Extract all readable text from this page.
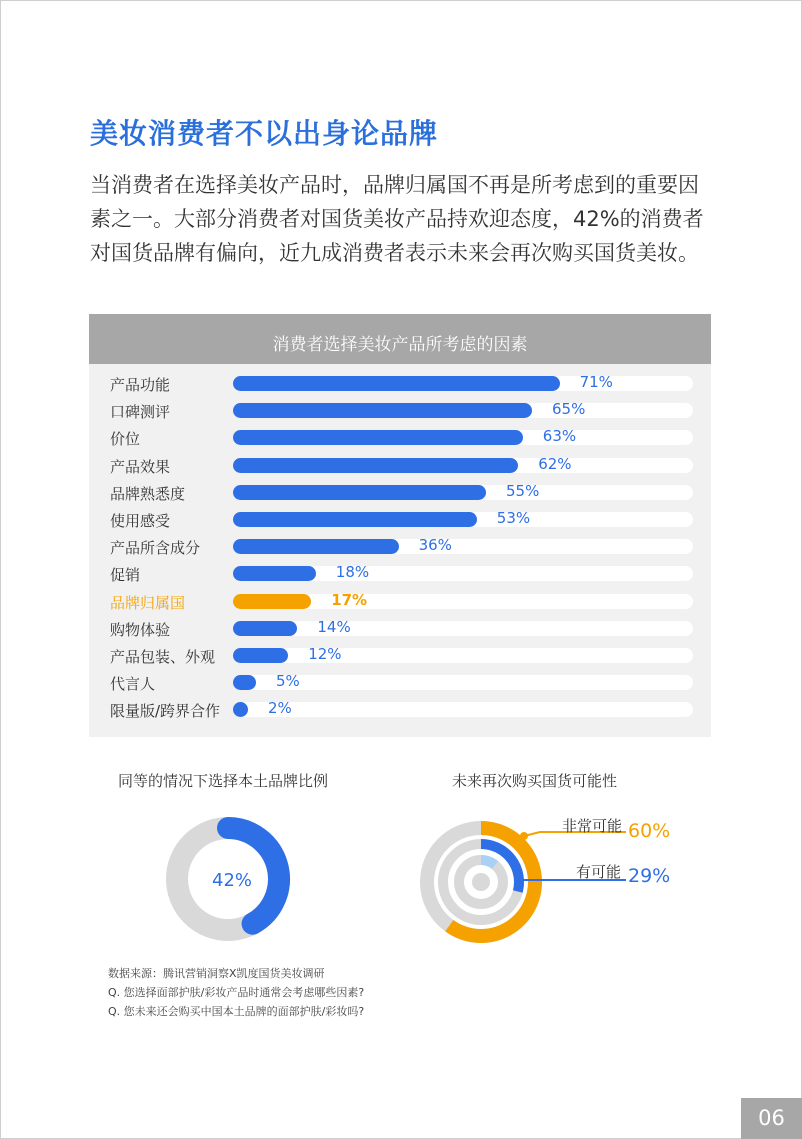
美妆消费者不以出身论品牌

当消费者在选择美妆产品时，品牌归属国不再是所考虑到的重要因素之一。大部分消费者对国货美妆产品持欢迎态度，42%的消费者对国货品牌有偏向，近九成消费者表示未来会再次购买国货美妆。

消费者选择美妆产品所考虑的因素
产品功能	71%
口碑测评	65%
价位	63%
产品效果	62%
品牌熟悉度	55%
使用感受	53%
产品所含成分	36%
促销	18%
品牌归属国	17%
购物体验	14%
产品包装、外观	12%
代言人	5%
限量版/跨界合作	2%
同等的情况下选择本土品牌比例
42%
未来再次购买国货可能性
非常可能 60%
有可能 29%
数据来源：腾讯营销洞察X凯度国货美妆调研
Q. 您选择面部护肤/彩妆产品时通常会考虑哪些因素?
Q. 您未来还会购买中国本土品牌的面部护肤/彩妆吗?
06
